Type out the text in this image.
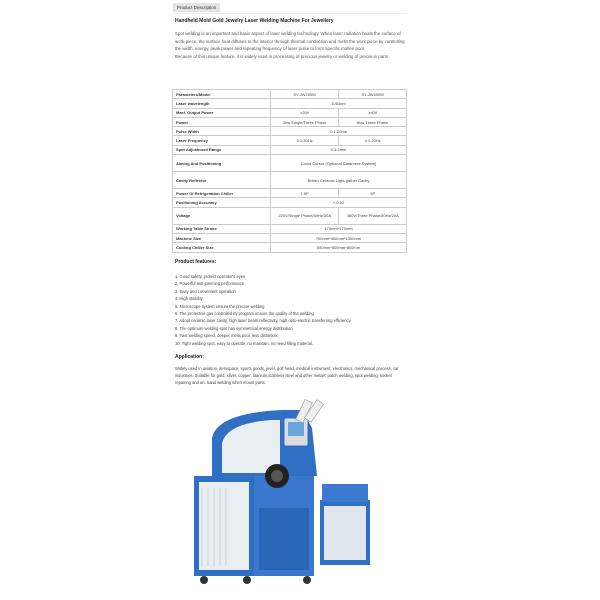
Product Description
Handheld Mold Gold Jewelry Laser Welding Machine For Jewellery
Spot welding is an important and basic aspect of laser welding technology. When laser radiation heats the surface of work-piece, the surface heat diffuses to the interior through thermal conduction and melts the work piece by controlling the width, energy, peak power and repeating frequency of laser pulse to form specific molten pool.
Because of this unique feature, it is widely used in processing of precious jewelry or welding of precision parts.
Parameters/Model	SY-JW200W	SY-JW400W
Laser wavelength	1064nm	
Maxi. Output Power	≥200	≥400
Power	2kw Single/Three Phase	6kw Three Phase
Pulse Width	0.1-20ms	
Laser Frequency	0.1-50Hz	0.1-20Hz
Spot Adjustment Range	0.3-2mm	
Aiming And Positioning	Cross Cursor (Optional Caramera System)	
Cavity Reflector	British Ceramic Light-gather Cavity	
Power Of Refrigeration Chiller	1.5P	3P
Positioning Accuracy	+-0.02	
Voltage	220V/Single Phase/50Hz/30A	380V/Three Phase/50Hz/20A
Working Table Stroke	170mm*170mm	
Machine Size	700mm*460mm*1300mm	
Cooling Chiller Size	550mm*500mm*800mm	
Product features:
1. Good safety, protect operator's eyes
2. Powerful anti-jamming performance
3. Easy and convenient operation
4. High stability.
5. Microscope system ensure the precise welding
6. The protective gas controlled by program ensure the quality of the welding
7. Adopt ceramic laser cavity, high laser beam reflectivity, high opto-electric transferring efficiency
8. The optimum welding spot has symmetrical energy distribution.
9. Fast welding speed, deeper melts pool, less distortion.
10. Tight welding spot, easy to operate, no maintain, no need filling material.
Application:
Widely used in aviation, aerospace, sports goods, jevel, golf head, medical instrument, electronics, mechanical process, car industries. Suitable for gold, silver, copper, titanium,stainless steel and other metals' patch welding, spot welding, socket repairing and arc hand welding when mount parts.
